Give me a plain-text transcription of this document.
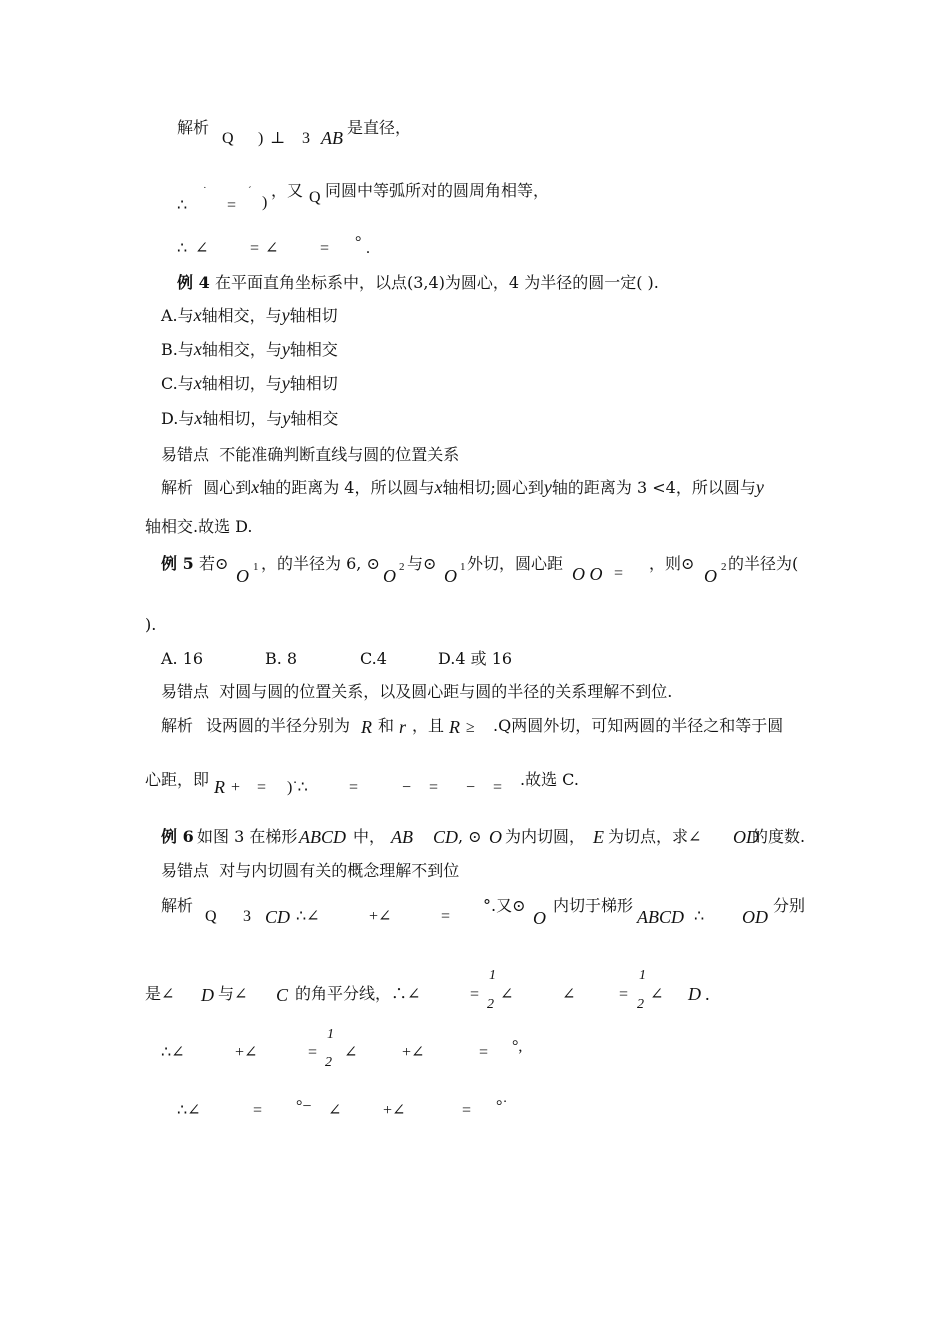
解析
Q ) ⊥ 3 AB
是直径，
∴
˙
=
ˊ
)
，又 Q 同圆中等弧所对的圆周角相等，
∴ ∠	= ∠	= ° .
例 4 在平面直角坐标系中，以点(3,4)为圆心，4 为半径的圆一定( ).
A.与x轴相交，与y轴相切
B.与x轴相交，与y轴相交
C.与x轴相切，与y轴相切
D.与x轴相切，与y轴相交
易错点 不能准确判断直线与圆的位置关系
解析 圆心到x轴的距离为 4，所以圆与x轴相切;圆心到y轴的距离为 3 <4，所以圆与y
轴相交.故选 D.
例 5 若⊙
O 1 ，的半径为 6, ⊙
O 2 与⊙
O 1 外切，圆心距
O O =
，则⊙
O 2 的半径为(
).
A. 16	B. 8	C.4	D.4 或 16
易错点 对圆与圆的位置关系，以及圆心距与圆的半径的关系理解不到位.
解析 设两圆的半径分别为 R 和 r ，且 R ≥ .Q两圆外切，可知两圆的半径之和等于圆
心距，即 R + = )˙∴	=	− = − = .故选 C.
例 6 如图 3 在梯形 ABCD 中， AB CD , ⊙ O 为内切圆， E 为切点，求∠ OD
的度数.
易错点 对与内切圆有关的概念理解不到位
解析
Q 3 CD ∴∠	+∠	=
°.又⊙
O
内切于梯形
ABCD ∴ OD
分别
是∠ D 与∠ C 的角平分线，∴∠	=
1
2
∠	∠	=
1
2
∠ D .
∴∠	+∠	=
1
2
∠	+∠	= °,
∴∠	= °− ∠	+∠	= °˙
